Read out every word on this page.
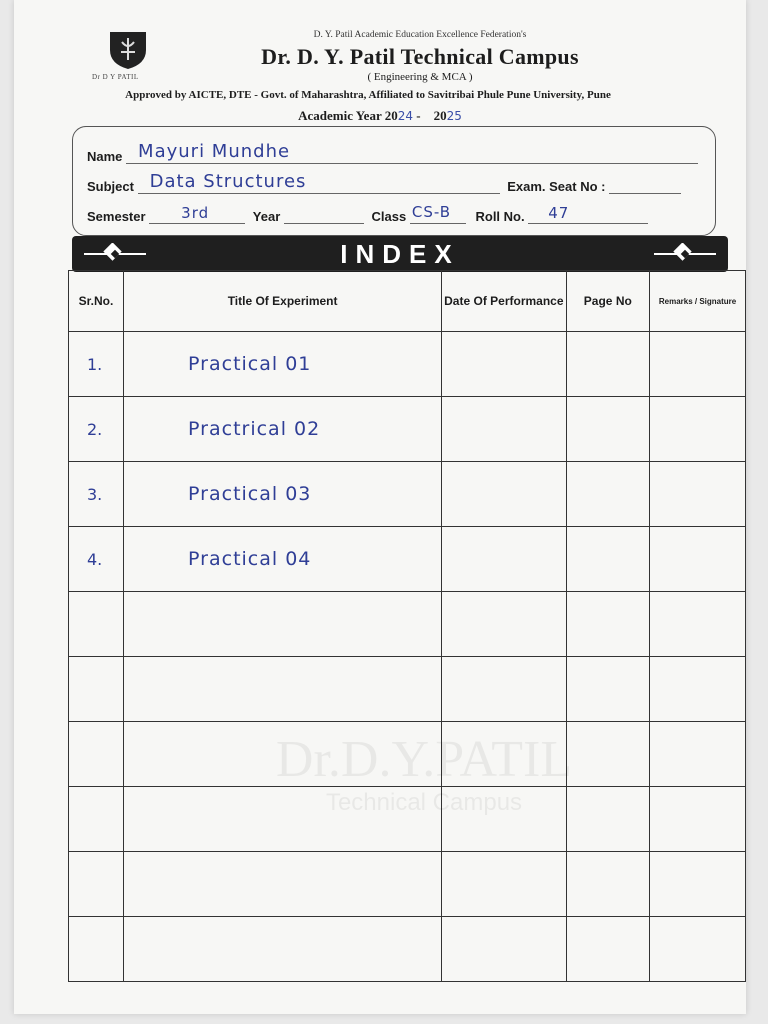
Dr D Y PATIL
D. Y. Patil Academic Education Excellence Federation's
Dr. D. Y. Patil Technical Campus
( Engineering & MCA )
Approved by AICTE, DTE - Govt. of Maharashtra, Affiliated to Savitribai Phule Pune University, Pune
Academic Year 2024 - 2025
Name Mayuri Mundhe
Subject Data Structures	Exam. Seat No :
Semester 3rd	Year	Class CS-B Roll No. 47
INDEX
Sr.No.	Title Of Experiment	Date Of Performance	Page No	Remarks / Signature
1.	Practical 01			
2.	Practrical 02			
3.	Practical 03			
4.	Practical 04			

Dr.D.Y.PATIL
Technical Campus
